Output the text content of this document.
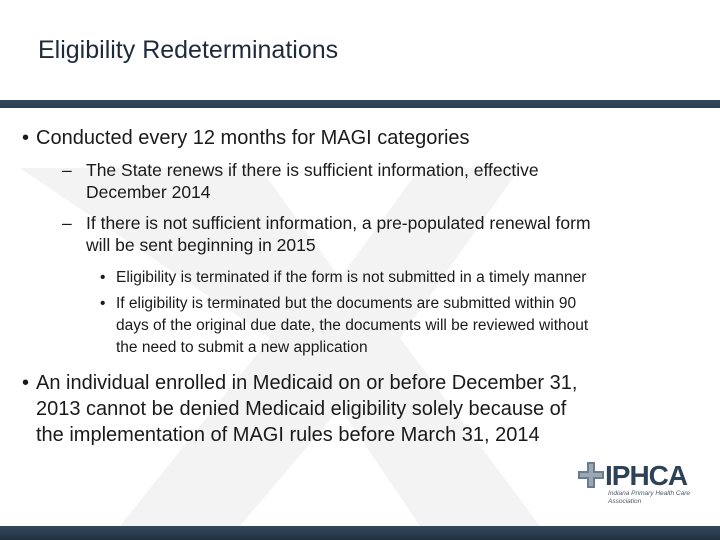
Eligibility Redeterminations
• Conducted every 12 months for MAGI categories
– The State renews if there is sufficient information, effective
December 2014
– If there is not sufficient information, a pre-populated renewal form
will be sent beginning in 2015
• Eligibility is terminated if the form is not submitted in a timely manner
• If eligibility is terminated but the documents are submitted within 90
days of the original due date, the documents will be reviewed without
the need to submit a new application
• An individual enrolled in Medicaid on or before December 31,
2013 cannot be denied Medicaid eligibility solely because of
the implementation of MAGI rules before March 31, 2014
IPHCA
Indiana Primary Health Care
Association
